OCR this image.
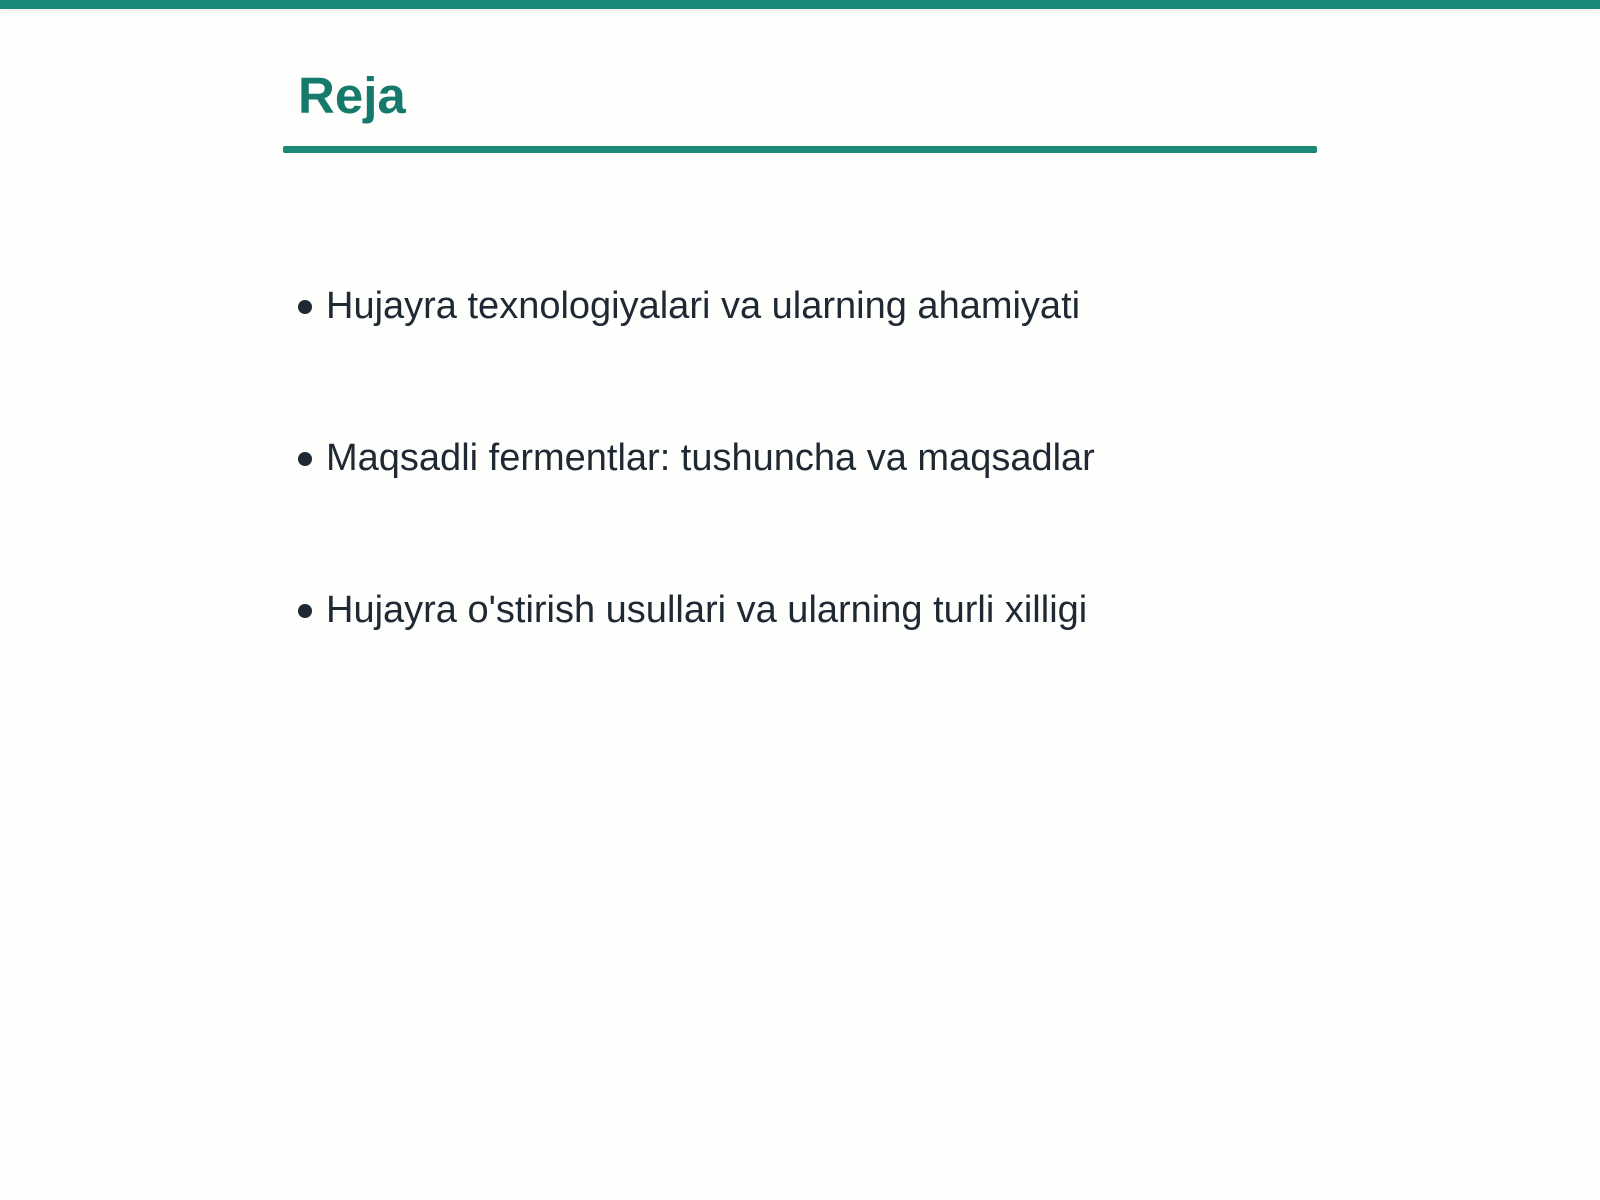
Reja
Hujayra texnologiyalari va ularning ahamiyati
Maqsadli fermentlar: tushuncha va maqsadlar
Hujayra o'stirish usullari va ularning turli xilligi
